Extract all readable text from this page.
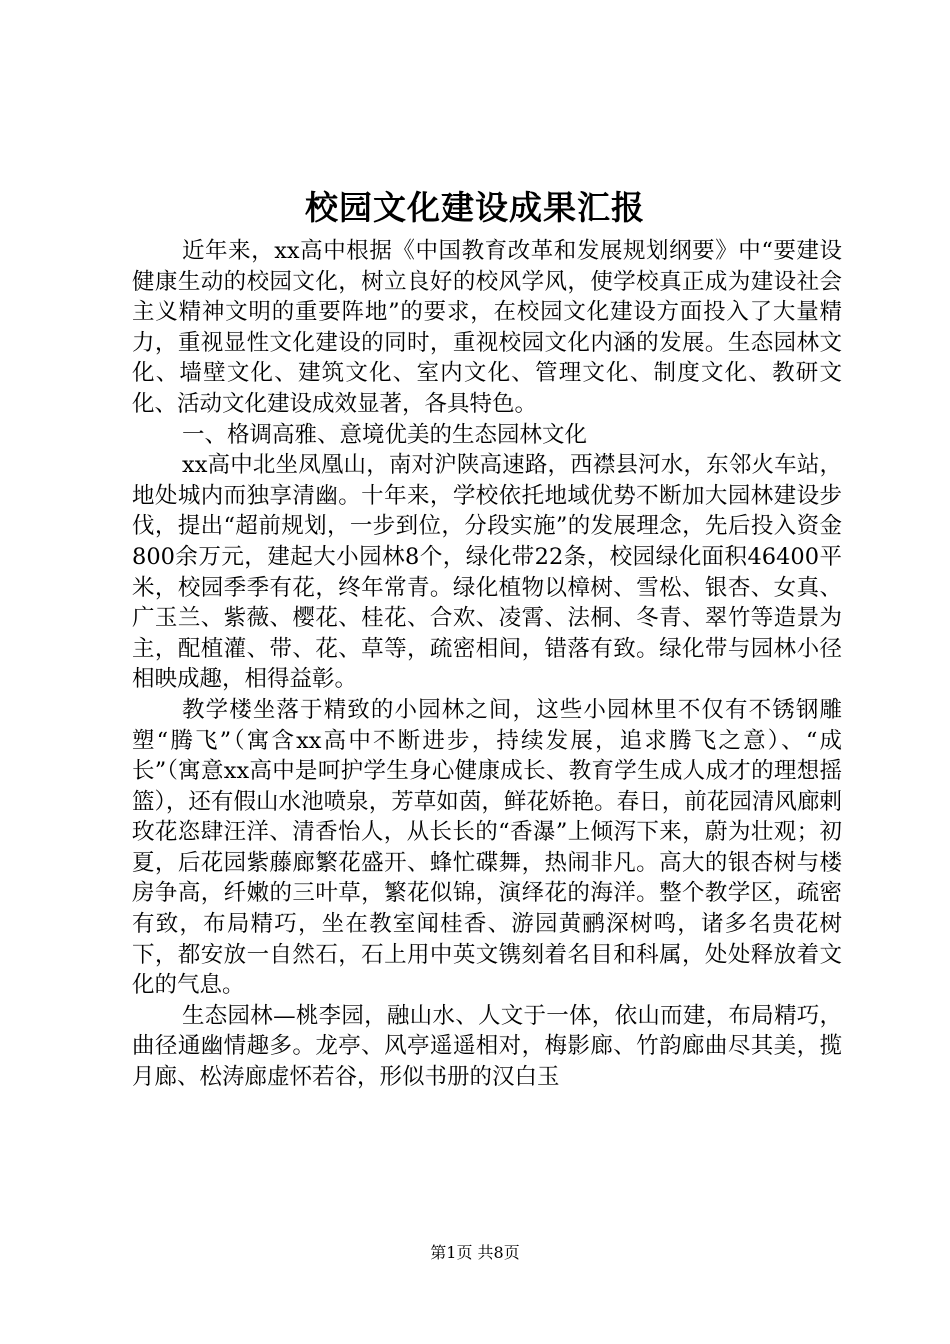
校园文化建设成果汇报

近年来，xx高中根据《中国教育改革和发展规划纲要》中“要建设健康生动的校园文化，树立良好的校风学风，使学校真正成为建设社会主义精神文明的重要阵地”的要求，在校园文化建设方面投入了大量精力，重视显性文化建设的同时，重视校园文化内涵的发展。生态园林文化、墙壁文化、建筑文化、室内文化、管理文化、制度文化、教研文化、活动文化建设成效显著，各具特色。

一、格调高雅、意境优美的生态园林文化

xx高中北坐凤凰山，南对沪陕高速路，西襟县河水，东邻火车站，地处城内而独享清幽。十年来，学校依托地域优势不断加大园林建设步伐，提出“超前规划，一步到位，分段实施”的发展理念，先后投入资金800余万元，建起大小园林8个，绿化带22条，校园绿化面积46400平米，校园季季有花，终年常青。绿化植物以樟树、雪松、银杏、女真、广玉兰、紫薇、樱花、桂花、合欢、凌霄、法桐、冬青、翠竹等造景为主，配植灌、带、花、草等，疏密相间，错落有致。绿化带与园林小径相映成趣，相得益彰。

教学楼坐落于精致的小园林之间，这些小园林里不仅有不锈钢雕塑“腾飞”（寓含xx高中不断进步，持续发展，追求腾飞之意）、“成长”（寓意xx高中是呵护学生身心健康成长、教育学生成人成才的理想摇篮），还有假山水池喷泉，芳草如茵，鲜花娇艳。春日，前花园清风廊剌玫花恣肆汪洋、清香怡人，从长长的“香瀑”上倾泻下来，蔚为壮观；初夏，后花园紫藤廊繁花盛开、蜂忙碟舞，热闹非凡。高大的银杏树与楼房争高，纤嫩的三叶草，繁花似锦，演绎花的海洋。整个教学区，疏密有致，布局精巧，坐在教室闻桂香、游园黄鹂深树鸣，诸多名贵花树下，都安放一自然石，石上用中英文镌刻着名目和科属，处处释放着文化的气息。

生态园林—桃李园，融山水、人文于一体，依山而建，布局精巧，曲径通幽情趣多。龙亭、风亭遥遥相对，梅影廊、竹韵廊曲尽其美，揽月廊、松涛廊虚怀若谷，形似书册的汉白玉

第1页 共8页
